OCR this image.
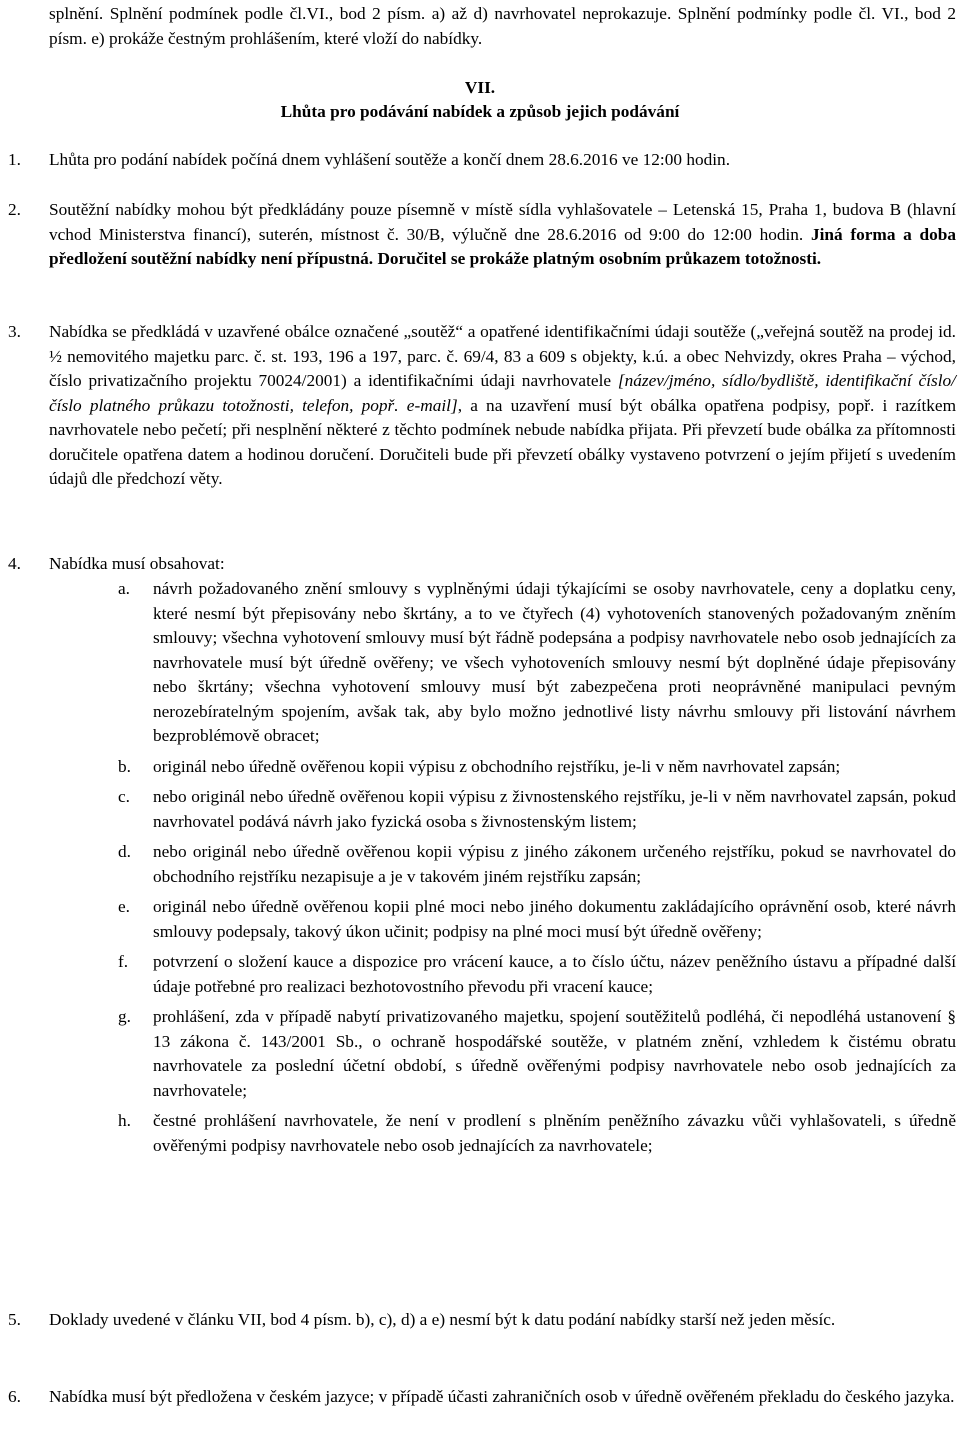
splnění. Splnění podmínek podle čl.VI., bod 2 písm. a) až d) navrhovatel neprokazuje. Splnění podmínky podle čl. VI., bod 2 písm. e) prokáže čestným prohlášením, které vloží do nabídky.
VII.
Lhůta pro podávání nabídek a způsob jejich podávání
1.	Lhůta pro podání nabídek počíná dnem vyhlášení soutěže a končí dnem 28.6.2016 ve 12:00 hodin.
2.	Soutěžní nabídky mohou být předkládány pouze písemně v místě sídla vyhlašovatele – Letenská 15, Praha 1, budova B (hlavní vchod Ministerstva financí), suterén, místnost č. 30/B, výlučně dne 28.6.2016 od 9:00 do 12:00 hodin. Jiná forma a doba předložení soutěžní nabídky není přípustná. Doručitel se prokáže platným osobním průkazem totožnosti.
3.	Nabídka se předkládá v uzavřené obálce označené „soutěž“ a opatřené identifikačními údaji soutěže („veřejná soutěž na prodej id. ½ nemovitého majetku parc. č. st. 193, 196 a 197, parc. č. 69/4, 83 a 609 s objekty, k.ú. a obec Nehvizdy, okres Praha – východ, číslo privatizačního projektu 70024/2001) a identifikačními údaji navrhovatele [název/jméno, sídlo/bydliště, identifikační číslo/číslo platného průkazu totožnosti, telefon, popř. e-mail], a na uzavření musí být obálka opatřena podpisy, popř. i razítkem navrhovatele nebo pečetí; při nesplnění některé z těchto podmínek nebude nabídka přijata. Při převzetí bude obálka za přítomnosti doručitele opatřena datem a hodinou doručení. Doručiteli bude při převzetí obálky vystaveno potvrzení o jejím přijetí s uvedením údajů dle předchozí věty.
4.	Nabídka musí obsahovat:
a.	návrh požadovaného znění smlouvy s vyplněnými údaji týkajícími se osoby navrhovatele, ceny a doplatku ceny, které nesmí být přepisovány nebo škrtány, a to ve čtyřech (4) vyhotoveních stanovených požadovaným zněním smlouvy; všechna vyhotovení smlouvy musí být řádně podepsána a podpisy navrhovatele nebo osob jednajících za navrhovatele musí být úředně ověřeny; ve všech vyhotoveních smlouvy nesmí být doplněné údaje přepisovány nebo škrtány; všechna vyhotovení smlouvy musí být zabezpečena proti neoprávněné manipulaci pevným nerozebíratelným spojením, avšak tak, aby bylo možno jednotlivé listy návrhu smlouvy při listování návrhem bezproblémově obracet;
b.	originál nebo úředně ověřenou kopii výpisu z obchodního rejstříku, je-li v něm navrhovatel zapsán;
c.	nebo originál nebo úředně ověřenou kopii výpisu z živnostenského rejstříku, je-li v něm navrhovatel zapsán, pokud navrhovatel podává návrh jako fyzická osoba s živnostenským listem;
d.	nebo originál nebo úředně ověřenou kopii výpisu z jiného zákonem určeného rejstříku, pokud se navrhovatel do obchodního rejstříku nezapisuje a je v takovém jiném rejstříku zapsán;
e.	originál nebo úředně ověřenou kopii plné moci nebo jiného dokumentu zakládajícího oprávnění osob, které návrh smlouvy podepsaly, takový úkon učinit; podpisy na plné moci musí být úředně ověřeny;
f.	potvrzení o složení kauce a dispozice pro vrácení kauce, a to číslo účtu, název peněžního ústavu a případné další údaje potřebné pro realizaci bezhotovostního převodu při vracení kauce;
g.	prohlášení, zda v případě nabytí privatizovaného majetku, spojení soutěžitelů podléhá, či nepodléhá ustanovení § 13 zákona č. 143/2001 Sb., o ochraně hospodářské soutěže, v platném znění, vzhledem k čistému obratu navrhovatele za poslední účetní období, s úředně ověřenými podpisy navrhovatele nebo osob jednajících za navrhovatele;
h.	čestné prohlášení navrhovatele, že není v prodlení s plněním peněžního závazku vůči vyhlašovateli, s úředně ověřenými podpisy navrhovatele nebo osob jednajících za navrhovatele;
5.	Doklady uvedené v článku VII, bod 4 písm. b), c), d) a e) nesmí být k datu podání nabídky starší než jeden měsíc.
6.	Nabídka musí být předložena v českém jazyce; v případě účasti zahraničních osob v úředně ověřeném překladu do českého jazyka.
